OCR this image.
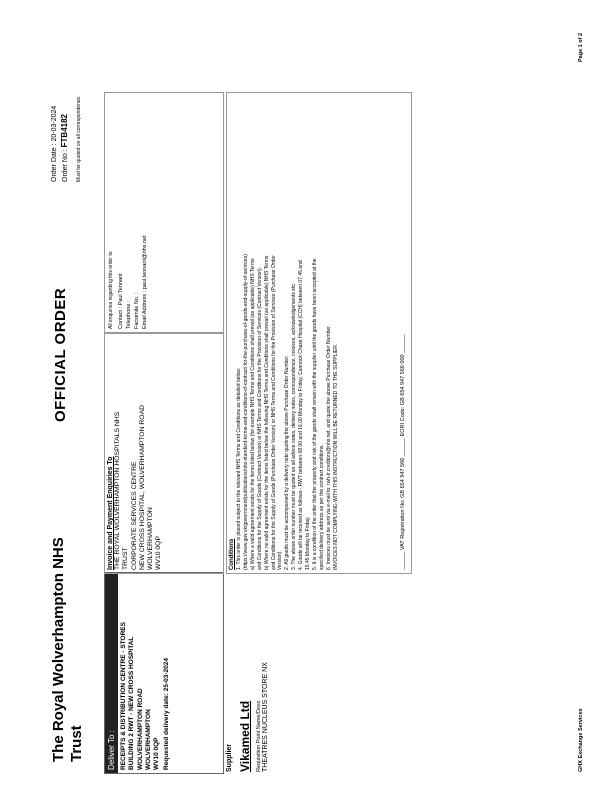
The Royal Wolverhampton NHS Trust
OFFICIAL ORDER
Order Date : 20-03-2024 Order No : FTB4182	Must be quoted on all correspondence.
Deliver To : RECEIPTS & DISTRIBUTION CENTRE - STORES BUILDING 2 RWT - NEW CROSS HOSPITAL WOLVERHAMPTON ROAD WOLVERHAMPTON WV10 0QP Requested delivery date: 25-03-2024
Invoice and Payment Enquiries To THE ROYAL WOLVERHAMPTON HOSPITALS NHS TRUST CORPORATE SERVICES CENTRE NEW CROSS HOSPITAL, WOLVERHAMPTON ROAD WOLVERHAMPTON WV10 0QP
All enquiries regarding this order to Contact : Paul Tennant Telephone : Facsimile No. : Email Address : paul.tennant@nhs.net
Supplier Vikamed Ltd Requisition Point Name/Desc THEATRES NUCLEUS STORE NX
Conditions 1. This order is placed subject to the relevant NHS Terms and Conditions as detailed below: (https://www.gov.uk/government/publications/nhs-standard-terms-and-conditions-of-contract-for-the-purchase-of-goods-and-supply-of-services) a) Where a valid agreement exists for the items listed below (for example NHS Terms and Conditions shall prevail (as applicable) NHS Terms and Conditions for the Supply of Goods (Contract Version) or NHS Terms and Conditions for the Provision of Services (Contract Version). b) Where no valid agreement exists for the items listed below the following NHS Terms and Conditions shall prevail (as applicable) NHS Terms and Conditions for the Supply of Goods (Purchase Order Version) or NHS Terms and Conditions for the Provision of Services (Purchase Order Version). 2. All goods must be accompanied by a delivery note quoting the above Purchase Order Number. 3. The above order number must be quoted on all advice notes, delivery notes, correspondence, invoices, acknowledgements etc. 4. Goods will be received as follows:- RWT between 08.00 and 16.00 Monday to Friday, Cannock Chase Hospital (CCH) between 07.45 and 15.45 Monday to Friday. 5. It is a condition of the order that the property and risk of the goods shall remain with the supplier until the goods have been accepted at the specified delivery address as per the contract conditions. 6. Invoices must be sent via e-mail to: rwh-tr.creditors@nhs.net, and quote the above Purchase Order Number. INVOICES NOT COMPLYING WITH THIS INSTRUCTION WILL BE RETURNED TO THE SUPPLIER.	______ VAT Registration No: GB 654 947 566 ______ EORI Code: GB 654 947 566 000 ______
GHX Exchange Services
Page 1 of 2
